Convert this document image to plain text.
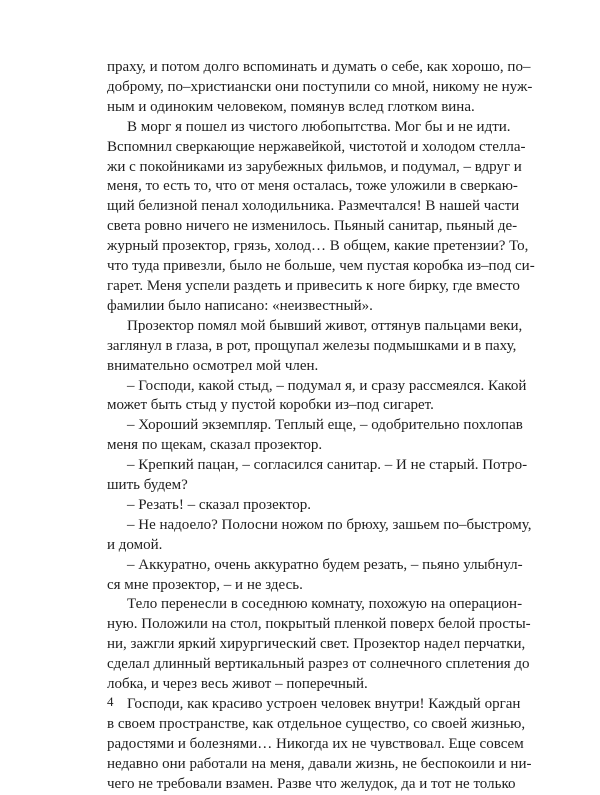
праху, и потом долго вспоминать и думать о себе, как хорошо, по–
доброму, по–христиански они поступили со мной, никому не нуж-
ным и одиноким человеком, помянув вслед глотком вина.
В морг я пошел из чистого любопытства. Мог бы и не идти.
Вспомнил сверкающие нержавейкой, чистотой и холодом стелла-
жи с покойниками из зарубежных фильмов, и подумал, – вдруг и
меня, то есть то, что от меня осталась, тоже уложили в сверкаю-
щий белизной пенал холодильника. Размечтался! В нашей части
света ровно ничего не изменилось. Пьяный санитар, пьяный де-
журный прозектор, грязь, холод… В общем, какие претензии? То,
что туда привезли, было не больше, чем пустая коробка из–под си-
гарет. Меня успели раздеть и привесить к ноге бирку, где вместо
фамилии было написано: «неизвестный».
Прозектор помял мой бывший живот, оттянув пальцами веки,
заглянул в глаза, в рот, прощупал железы подмышками и в паху,
внимательно осмотрел мой член.
– Господи, какой стыд, – подумал я, и сразу рассмеялся. Какой
может быть стыд у пустой коробки из–под сигарет.
– Хороший экземпляр. Теплый еще, – одобрительно похлопав
меня по щекам, сказал прозектор.
– Крепкий пацан, – согласился санитар. – И не старый. Потро-
шить будем?
– Резать! – сказал прозектор.
– Не надоело? Полосни ножом по брюху, зашьем по–быстрому,
и домой.
– Аккуратно, очень аккуратно будем резать, – пьяно улыбнул-
ся мне прозектор, – и не здесь.
Тело перенесли в соседнюю комнату, похожую на операцион-
ную. Положили на стол, покрытый пленкой поверх белой просты-
ни, зажгли яркий хирургический свет. Прозектор надел перчатки,
сделал длинный вертикальный разрез от солнечного сплетения до
лобка, и через весь живот – поперечный.
Господи, как красиво устроен человек внутри! Каждый орган
в своем пространстве, как отдельное существо, со своей жизнью,
радостями и болезнями… Никогда их не чувствовал. Еще совсем
недавно они работали на меня, давали жизнь, не беспокоили и ни-
чего не требовали взамен. Разве что желудок, да и тот не только
4
